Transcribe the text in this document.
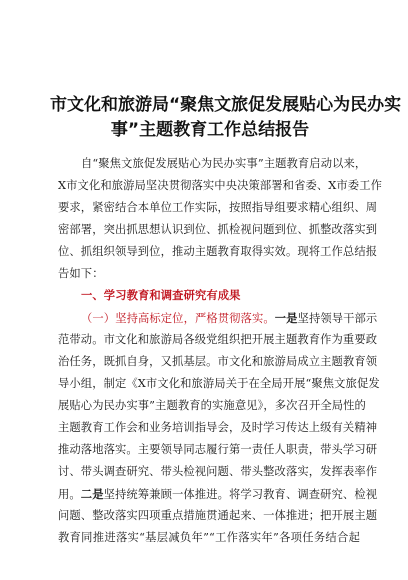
市文化和旅游局“聚焦文旅促发展贴心为民办实
事”主题教育工作总结报告
自“聚焦文旅促发展贴心为民办实事”主题教育启动以来，
X市文化和旅游局坚决贯彻落实中央决策部署和省委、X市委工作
要求，紧密结合本单位工作实际，按照指导组要求精心组织、周
密部署，突出抓思想认识到位、抓检视问题到位、抓整改落实到
位、抓组织领导到位，推动主题教育取得实效。现将工作总结报
告如下：
一、学习教育和调查研究有成果
（一）坚持高标定位，严格贯彻落实。一是坚持领导干部示
范带动。市文化和旅游局各级党组织把开展主题教育作为重要政
治任务，既抓自身，又抓基层。市文化和旅游局成立主题教育领
导小组，制定《X市文化和旅游局关于在全局开展“聚焦文旅促发
展贴心为民办实事”主题教育的实施意见》，多次召开全局性的
主题教育工作会和业务培训指导会，及时学习传达上级有关精神
推动落地落实。主要领导同志履行第一责任人职责，带头学习研
讨、带头调查研究、带头检视问题、带头整改落实，发挥表率作
用。二是坚持统筹兼顾一体推进。将学习教育、调查研究、检视
问题、整改落实四项重点措施贯通起来、一体推进；把开展主题
教育同推进落实“基层减负年”“工作落实年”各项任务结合起
